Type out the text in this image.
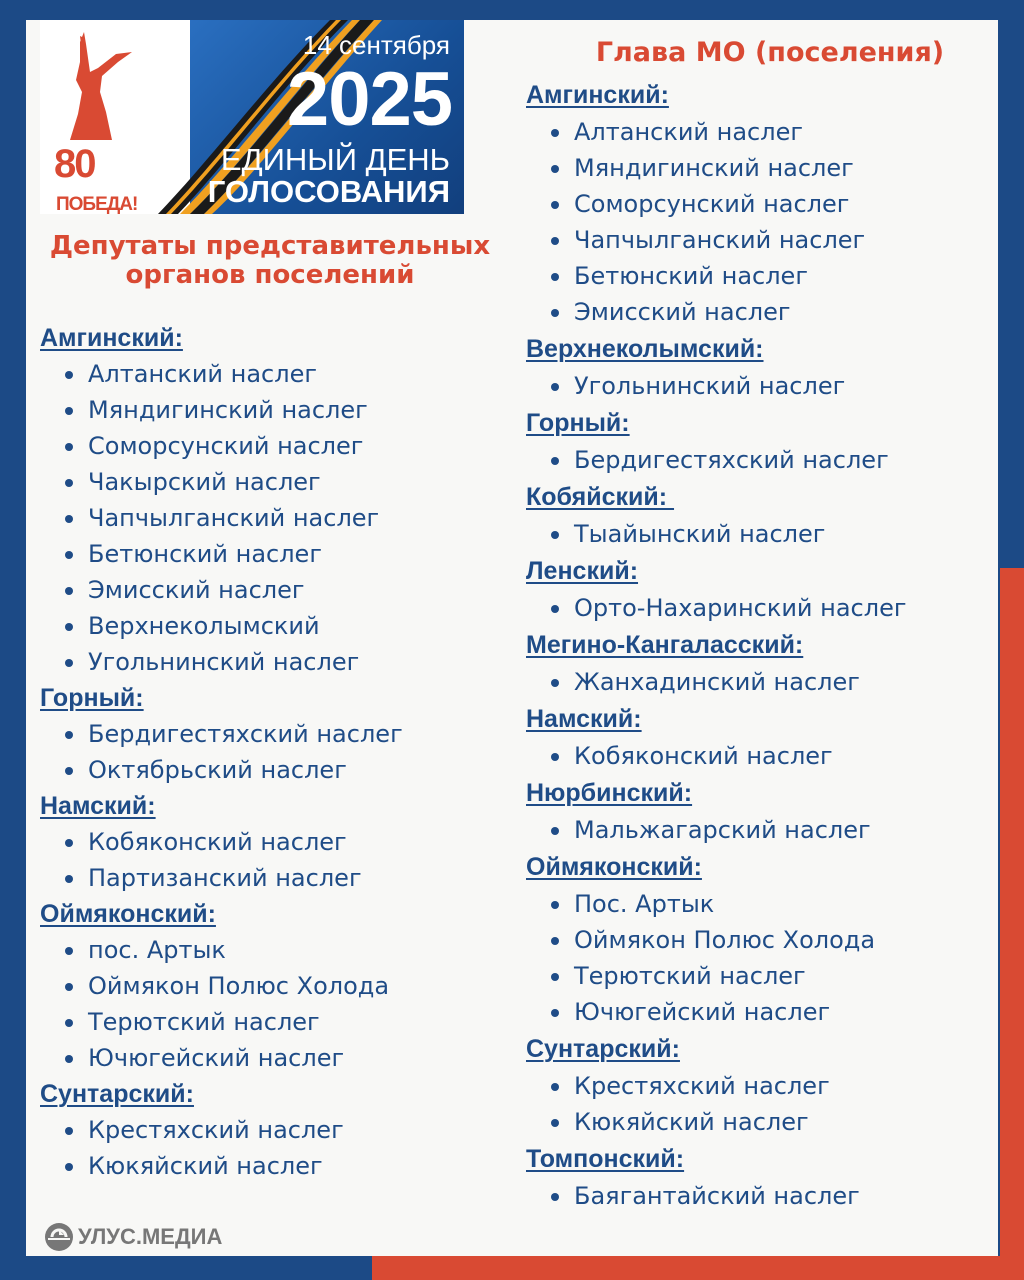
80
ПОБЕДА!
14 сентября
2025
ЕДИНЫЙ ДЕНЬ
ГОЛОСОВАНИЯ
Депутаты представительных органов поселений
Глава МО (поселения)
Амгинский:
Алтанский наслег
Мяндигинский наслег
Соморсунский наслег
Чакырский наслег
Чапчылганский наслег
Бетюнский наслег
Эмисский наслег
Верхнеколымский
Угольнинский наслег
Горный:
Бердигестяхский наслег
Октябрьский наслег
Намский:
Кобяконский наслег
Партизанский наслег
Оймяконский:
пос. Артык
Оймякон Полюс Холода
Терютский наслег
Ючюгейский наслег
Сунтарский:
Крестяхский наслег
Кюкяйский наслег
Амгинский:
Алтанский наслег
Мяндигинский наслег
Соморсунский наслег
Чапчылганский наслег
Бетюнский наслег
Эмисский наслег
Верхнеколымский:
Угольнинский наслег
Горный:
Бердигестяхский наслег
Кобяйский:
Тыайынский наслег
Ленский:
Орто-Нахаринский наслег
Мегино-Кангаласский:
Жанхадинский наслег
Намский:
Кобяконский наслег
Нюрбинский:
Мальжагарский наслег
Оймяконский:
Пос. Артык
Оймякон Полюс Холода
Терютский наслег
Ючюгейский наслег
Сунтарский:
Крестяхский наслег
Кюкяйский наслег
Томпонский:
Баягантайский наслег
УЛУС.МЕДИА
